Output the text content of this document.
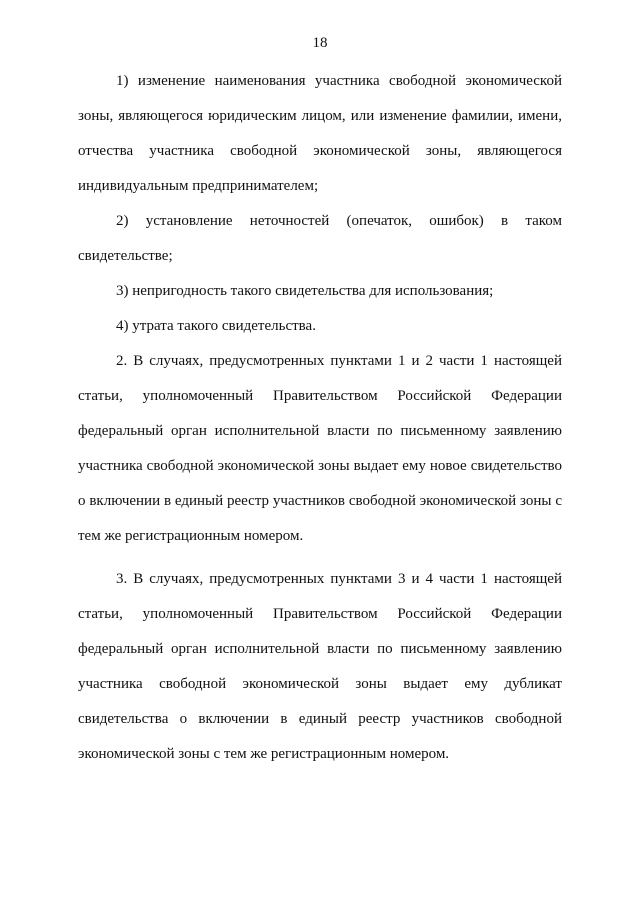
18

1) изменение наименования участника свободной экономической зоны, являющегося юридическим лицом, или изменение фамилии, имени, отчества участника свободной экономической зоны, являющегося индивидуальным предпринимателем;

2) установление неточностей (опечаток, ошибок) в таком свидетельстве;

3) непригодность такого свидетельства для использования;

4) утрата такого свидетельства.

2. В случаях, предусмотренных пунктами 1 и 2 части 1 настоящей статьи, уполномоченный Правительством Российской Федерации федеральный орган исполнительной власти по письменному заявлению участника свободной экономической зоны выдает ему новое свидетельство о включении в единый реестр участников свободной экономической зоны с тем же регистрационным номером.

3. В случаях, предусмотренных пунктами 3 и 4 части 1 настоящей статьи, уполномоченный Правительством Российской Федерации федеральный орган исполнительной власти по письменному заявлению участника свободной экономической зоны выдает ему дубликат свидетельства о включении в единый реестр участников свободной экономической зоны с тем же регистрационным номером.
